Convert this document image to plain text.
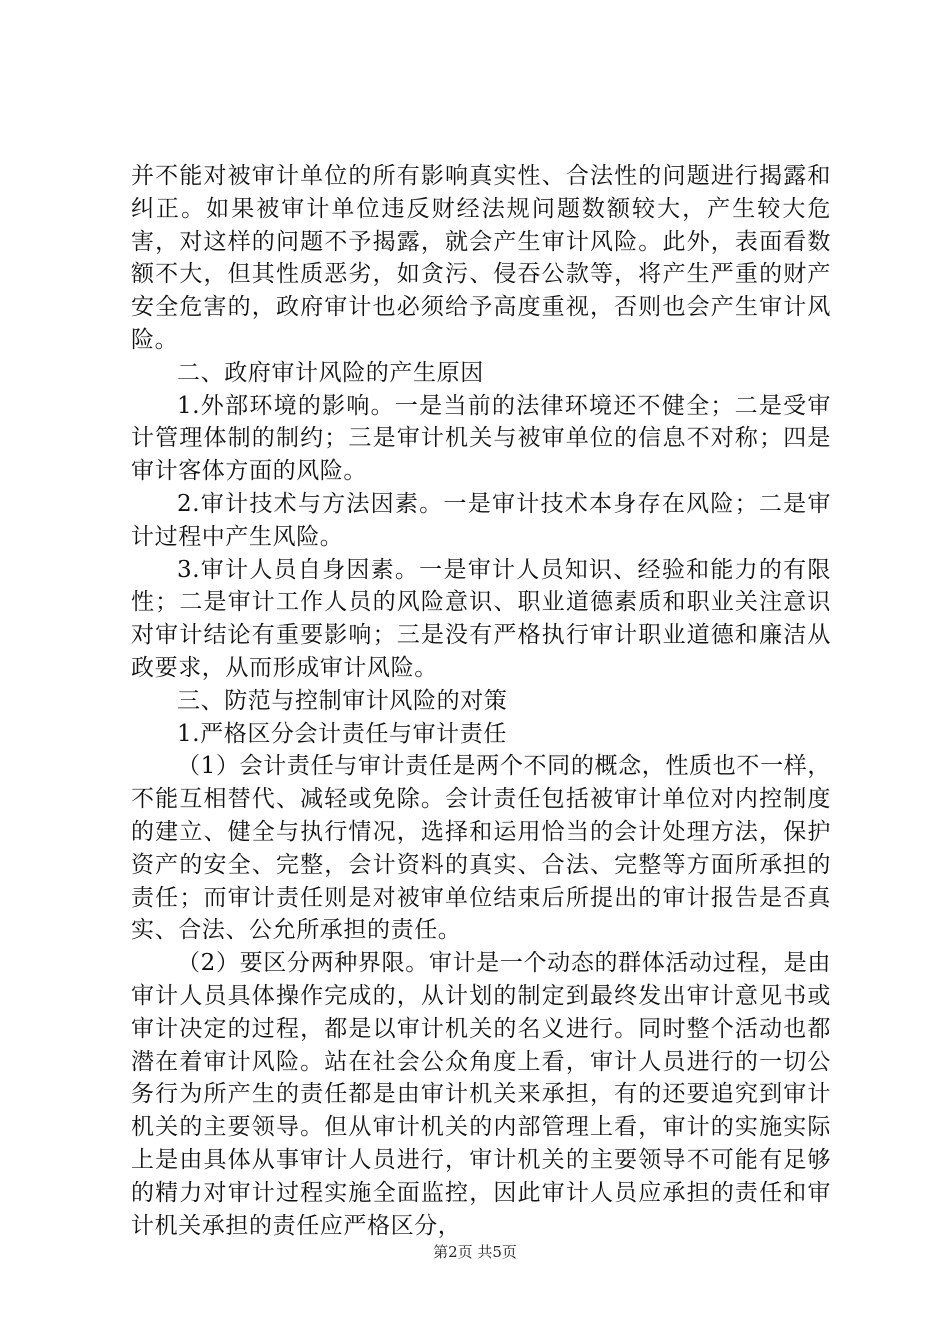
并不能对被审计单位的所有影响真实性、合法性的问题进行揭露和纠正。如果被审计单位违反财经法规问题数额较大，产生较大危害，对这样的问题不予揭露，就会产生审计风险。此外，表面看数额不大，但其性质恶劣，如贪污、侵吞公款等，将产生严重的财产安全危害的，政府审计也必须给予高度重视，否则也会产生审计风险。

二、政府审计风险的产生原因

1.外部环境的影响。一是当前的法律环境还不健全；二是受审计管理体制的制约；三是审计机关与被审单位的信息不对称；四是审计客体方面的风险。

2.审计技术与方法因素。一是审计技术本身存在风险；二是审计过程中产生风险。

3.审计人员自身因素。一是审计人员知识、经验和能力的有限性；二是审计工作人员的风险意识、职业道德素质和职业关注意识对审计结论有重要影响；三是没有严格执行审计职业道德和廉洁从政要求，从而形成审计风险。

三、防范与控制审计风险的对策

1.严格区分会计责任与审计责任

（1）会计责任与审计责任是两个不同的概念，性质也不一样，不能互相替代、减轻或免除。会计责任包括被审计单位对内控制度的建立、健全与执行情况，选择和运用恰当的会计处理方法，保护资产的安全、完整，会计资料的真实、合法、完整等方面所承担的责任；而审计责任则是对被审单位结束后所提出的审计报告是否真实、合法、公允所承担的责任。

（2）要区分两种界限。审计是一个动态的群体活动过程，是由审计人员具体操作完成的，从计划的制定到最终发出审计意见书或审计决定的过程，都是以审计机关的名义进行。同时整个活动也都潜在着审计风险。站在社会公众角度上看，审计人员进行的一切公务行为所产生的责任都是由审计机关来承担，有的还要追究到审计机关的主要领导。但从审计机关的内部管理上看，审计的实施实际上是由具体从事审计人员进行，审计机关的主要领导不可能有足够的精力对审计过程实施全面监控，因此审计人员应承担的责任和审计机关承担的责任应严格区分，

第2页 共5页
